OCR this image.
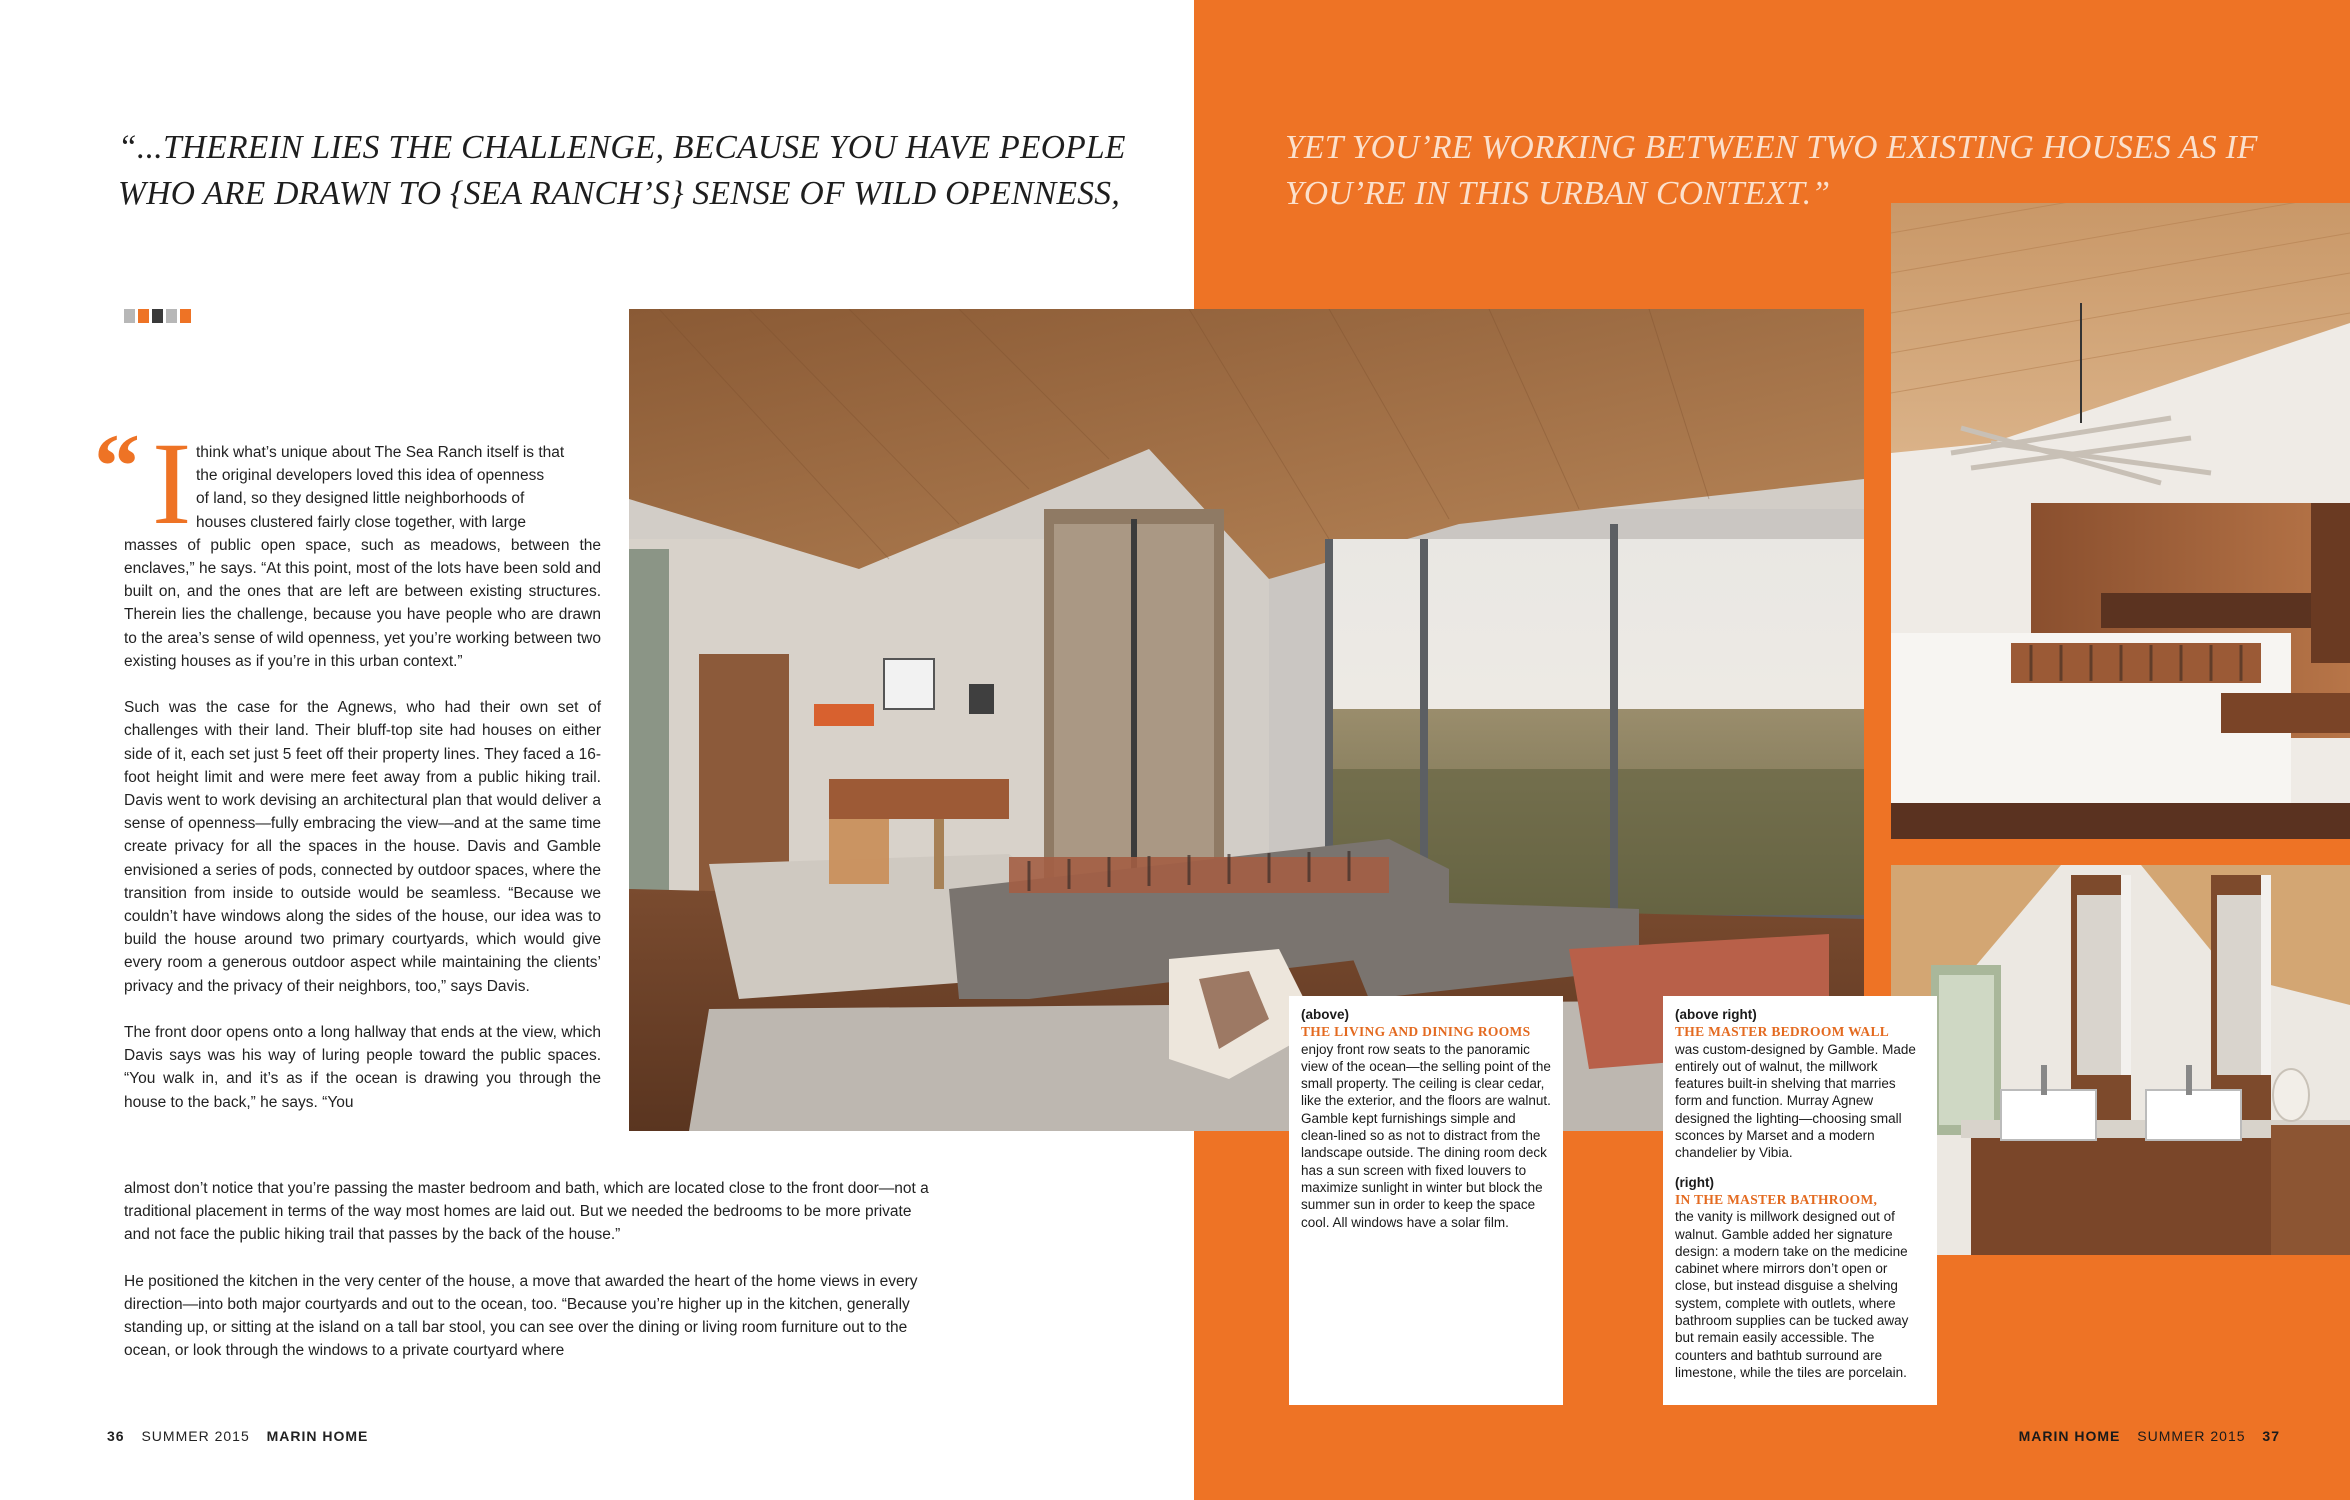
“...THEREIN LIES THE CHALLENGE, BECAUSE YOU HAVE PEOPLE
WHO ARE DRAWN TO {SEA RANCH’S} SENSE OF WILD OPENNESS,
YET YOU’RE WORKING BETWEEN TWO EXISTING HOUSES AS IF
YOU’RE IN THIS URBAN CONTEXT.”
“ I think what’s unique about The Sea Ranch itself is that
the original developers loved this idea of openness
of land, so they designed little neighborhoods of
houses clustered fairly close together, with large
masses of public open space, such as meadows, between the enclaves,” he says. “At this point, most of the lots have been sold and built on, and the ones that are left are between existing structures. Therein lies the challenge, because you have people who are drawn to the area’s sense of wild openness, yet you’re working between two existing houses as if you’re in this urban context.”
Such was the case for the Agnews, who had their own set of challenges with their land. Their bluff-top site had houses on either side of it, each set just 5 feet off their property lines. They faced a 16-foot height limit and were mere feet away from a public hiking trail. Davis went to work devising an architectural plan that would deliver a sense of openness—fully embracing the view—and at the same time create privacy for all the spaces in the house. Davis and Gamble envisioned a series of pods, connected by outdoor spaces, where the transition from inside to outside would be seamless. “Because we couldn’t have windows along the sides of the house, our idea was to build the house around two primary courtyards, which would give every room a generous outdoor aspect while maintaining the clients’ privacy and the privacy of their neighbors, too,” says Davis.
The front door opens onto a long hallway that ends at the view, which Davis says was his way of luring people toward the public spaces. “You walk in, and it’s as if the ocean is drawing you through the house to the back,” he says. “You
almost don’t notice that you’re passing the master bedroom and bath, which are located close to the front door—not a traditional placement in terms of the way most homes are laid out. But we needed the bedrooms to be more private and not face the public hiking trail that passes by the back of the house.”
He positioned the kitchen in the very center of the house, a move that awarded the heart of the home views in every direction—into both major courtyards and out to the ocean, too. “Because you’re higher up in the kitchen, generally standing up, or sitting at the island on a tall bar stool, you can see over the dining or living room furniture out to the ocean, or look through the windows to a private courtyard where
(above)
THE LIVING AND DINING ROOMS
enjoy front row seats to the panoramic view of the ocean—the selling point of the small property. The ceiling is clear cedar, like the exterior, and the floors are walnut. Gamble kept furnishings simple and clean-lined so as not to distract from the landscape outside. The dining room deck has a sun screen with fixed louvers to maximize sunlight in winter but block the summer sun in order to keep the space cool. All windows have a solar film.
(above right)
THE MASTER BEDROOM WALL
was custom-designed by Gamble. Made entirely out of walnut, the millwork features built-in shelving that marries form and function. Murray Agnew designed the lighting—choosing small sconces by Marset and a modern chandelier by Vibia.
(right)
IN THE MASTER BATHROOM,
the vanity is millwork designed out of walnut. Gamble added her signature design: a modern take on the medicine cabinet where mirrors don’t open or close, but instead disguise a shelving system, complete with outlets, where bathroom supplies can be tucked away but remain easily accessible. The counters and bathtub surround are limestone, while the tiles are porcelain.
36 SUMMER 2015 MARIN HOME	MARIN HOME SUMMER 2015 37
